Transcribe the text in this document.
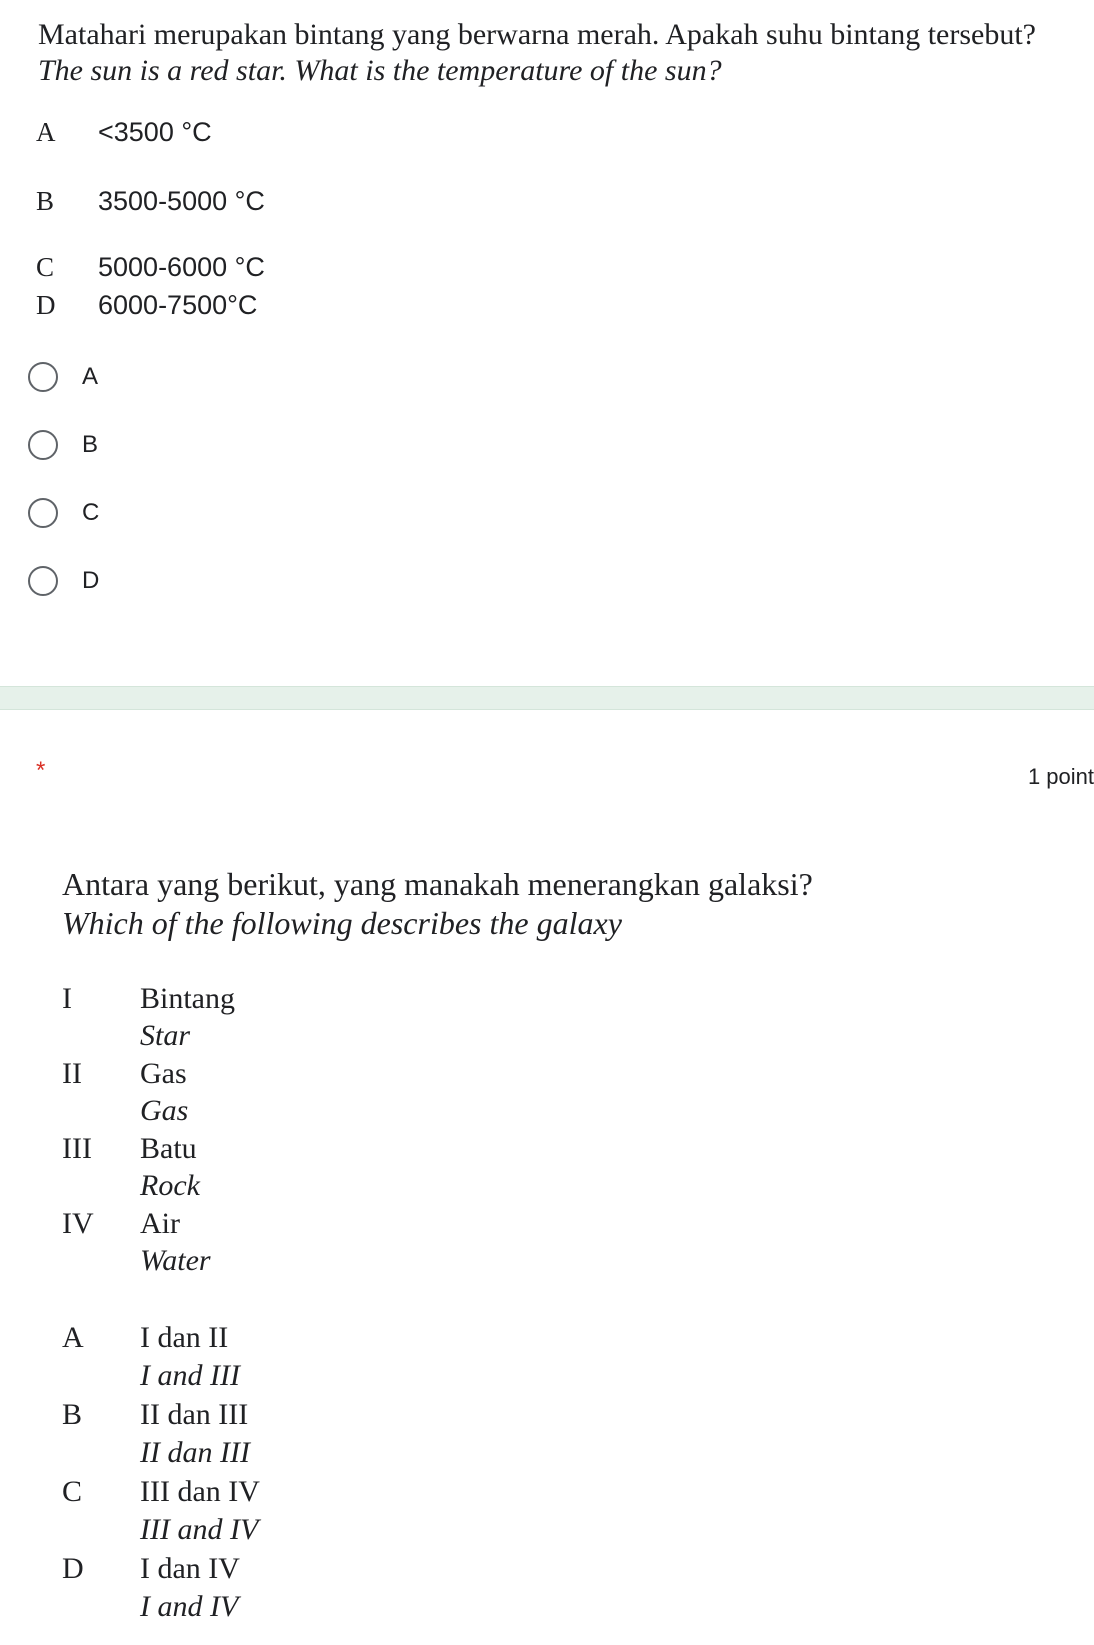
Matahari merupakan bintang yang berwarna merah. Apakah suhu bintang tersebut?
The sun is a red star. What is the temperature of the sun?
A <3500 °C
B 3500-5000 °C
C 5000-6000 °C
D 6000-7500°C
A
B
C
D
*	1 point
Antara yang berikut, yang manakah menerangkan galaksi?
Which of the following describes the galaxy
I Bintang
Star
II Gas
Gas
III Batu
Rock
IV Air
Water
A I dan II
I and III
B II dan III
II dan III
C III dan IV
III and IV
D I dan IV
I and IV
